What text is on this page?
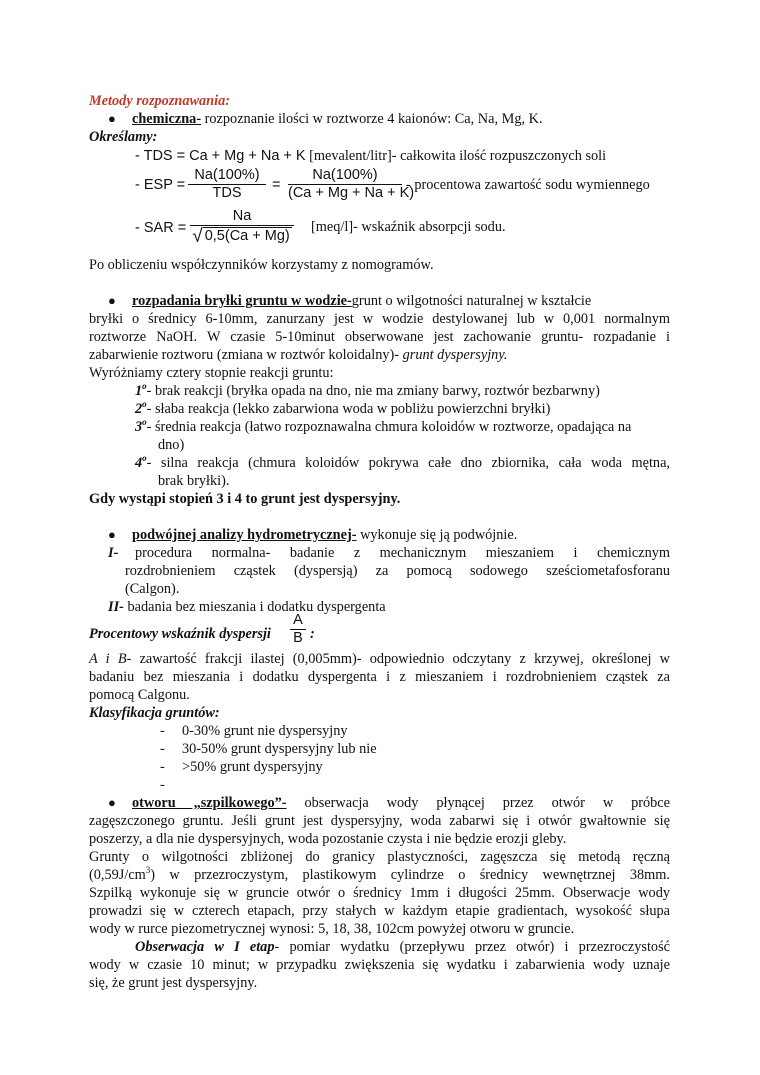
Metody rozpoznawania:
● chemiczna- rozpoznanie ilości w roztworze 4 kaionów: Ca, Na, Mg, K.
Określamy:
- TDS = Ca + Mg + Na + K [mevalent/litr]- całkowita ilość rozpuszczonych soli
- ESP =
Na(100%)
TDS	= $\frac{Na(100\%)}{(Ca + Mg + Na + K)}$ - procentowa zawartość sodu wymiennego
- SAR = $\frac{Na}{√ 0,5(Ca + Mg)} [meq/l]-$ wskaźnik absorpcji sodu.
Po obliczeniu współczynników korzystamy z nomogramów.
● rozpadania bryłki gruntu w wodzie-grunt o wilgotności naturalnej w kształcie
bryłki o średnicy 6-10mm, zanurzany jest w wodzie destylowanej lub w 0,001 normalnym
roztworze NaOH. W czasie 5-10minut obserwowane jest zachowanie gruntu- rozpadanie i
zabarwienie roztworu (zmiana w roztwór koloidalny)- grunt dyspersyjny.
Wyróżniamy cztery stopnie reakcji gruntu:
1$^o$- brak reakcji (bryłka opada na dno, nie ma zmiany barwy, roztwór bezbarwny)
2$^o$- słaba reakcja (lekko zabarwiona woda w pobliżu powierzchni bryłki)
3$^o$- średnia reakcja (łatwo rozpoznawalna chmura koloidów w roztworze, opadająca na
dno)
4$^o$- silna reakcja (chmura koloidów pokrywa całe dno zbiornika, cała woda mętna,
brak bryłki).
Gdy wystąpi stopień 3 i 4 to grunt jest dyspersyjny.
● podwójnej analizy hydrometrycznej- wykonuje się ją podwójnie.
I- procedura normalna- badanie z mechanicznym mieszaniem i chemicznym
rozdrobnieniem cząstek (dyspersją) za pomocą sodowego sześciometafosforanu
(Calgon).
II- badania bez mieszania i dodatku dyspergenta
Procentowy wskaźnik dyspersji $\frac{A}{B}$ :
A i B- zawartość frakcji ilastej (0,005mm)- odpowiednio odczytany z krzywej, określonej w
badaniu bez mieszania i dodatku dyspergenta i z mieszaniem i rozdrobnieniem cząstek za
pomocą Calgonu.
Klasyfikacja gruntów:
- 0-30% grunt nie dyspersyjny
- 30-50% grunt dyspersyjny lub nie
- >50% grunt dyspersyjny
-
● otworu „szpilkowego”- obserwacja wody płynącej przez otwór w próbce
zagęszczonego gruntu. Jeśli grunt jest dyspersyjny, woda zabarwi się i otwór gwałtownie się
poszerzy, a dla nie dyspersyjnych, woda pozostanie czysta i nie będzie erozji gleby.
Grunty o wilgotności zbliżonej do granicy plastyczności, zagęszcza się metodą ręczną
$(0,59J/cm^3)$ w przezroczystym, plastikowym cylindrze o średnicy wewnętrznej 38mm.
Szpilką wykonuje się w gruncie otwór o średnicy 1mm i długości 25mm. Obserwacje wody
prowadzi się w czterech etapach, przy stałych w każdym etapie gradientach, wysokość słupa
wody w rurce piezometrycznej wynosi: 5, 18, 38, 102cm powyżej otworu w gruncie.
Obserwacja w I etap- pomiar wydatku (przepływu przez otwór) i przezroczystość
wody w czasie 10 minut; w przypadku zwiększenia się wydatku i zabarwienia wody uznaje
się, że grunt jest dyspersyjny.
